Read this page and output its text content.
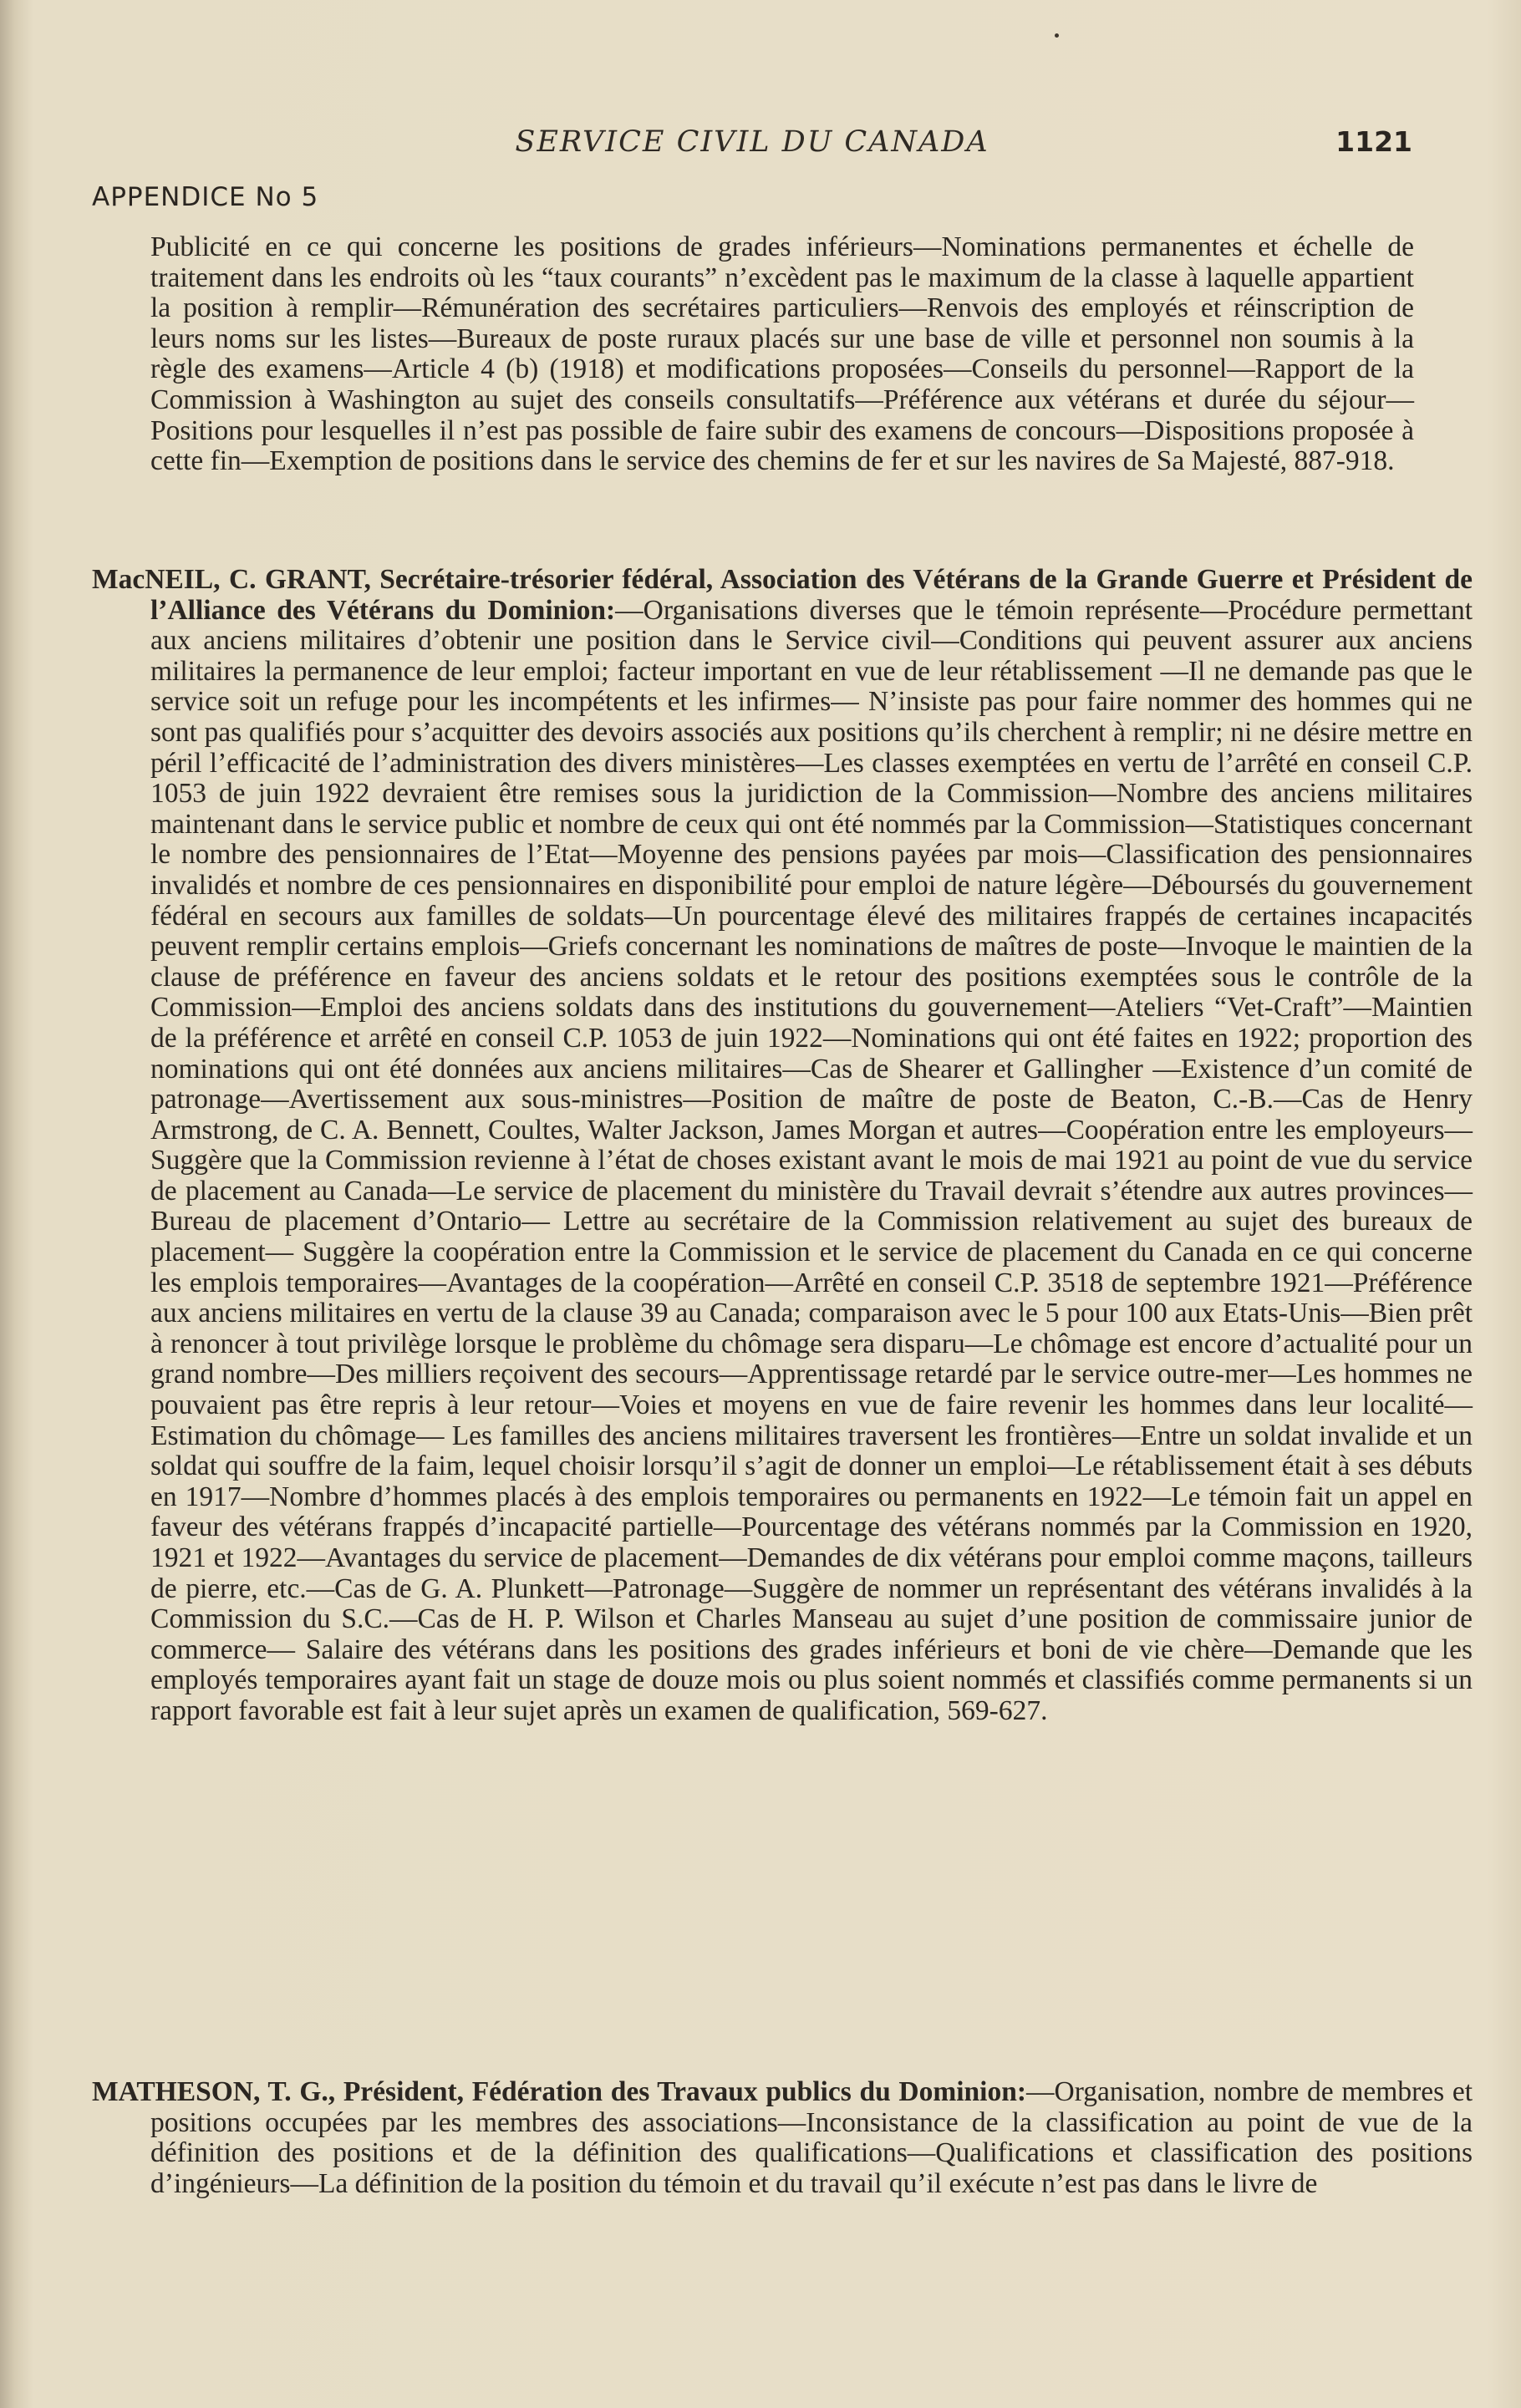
SERVICE CIVIL DU CANADA	1121
APPENDICE No 5
Publicité en ce qui concerne les positions de grades inférieurs—Nominations permanentes et échelle de traitement dans les endroits où les “taux courants” n’excèdent pas le maximum de la classe à laquelle appartient la position à remplir—Rémunération des secrétaires particuliers—Renvois des employés et réinscription de leurs noms sur les listes—Bureaux de poste ruraux placés sur une base de ville et personnel non soumis à la règle des examens—Article 4 (b) (1918) et modifications proposées—Conseils du personnel—Rapport de la Commission à Washington au sujet des conseils consultatifs—Préférence aux vétérans et durée du séjour—Positions pour lesquelles il n’est pas possible de faire subir des examens de concours—Dispositions proposée à cette fin—Exemption de positions dans le service des chemins de fer et sur les navires de Sa Majesté, 887-918.
MacNEIL, C. GRANT, Secrétaire-trésorier fédéral, Association des Vétérans de la Grande Guerre et Président de l’Alliance des Vétérans du Dominion:—Organisations diverses que le témoin représente—Procédure permettant aux anciens militaires d’obtenir une position dans le Service civil—Conditions qui peuvent assurer aux anciens militaires la permanence de leur emploi; facteur important en vue de leur rétablissement —Il ne demande pas que le service soit un refuge pour les incompétents et les infirmes— N’insiste pas pour faire nommer des hommes qui ne sont pas qualifiés pour s’acquitter des devoirs associés aux positions qu’ils cherchent à remplir; ni ne désire mettre en péril l’efficacité de l’administration des divers ministères—Les classes exemptées en vertu de l’arrêté en conseil C.P. 1053 de juin 1922 devraient être remises sous la juridiction de la Commission—Nombre des anciens militaires maintenant dans le service public et nombre de ceux qui ont été nommés par la Commission—Statistiques concernant le nombre des pensionnaires de l’Etat—Moyenne des pensions payées par mois—Classification des pensionnaires invalidés et nombre de ces pensionnaires en disponibilité pour emploi de nature légère—Déboursés du gouvernement fédéral en secours aux familles de soldats—Un pourcentage élevé des militaires frappés de certaines incapacités peuvent remplir certains emplois—Griefs concernant les nominations de maîtres de poste—Invoque le maintien de la clause de préférence en faveur des anciens soldats et le retour des positions exemptées sous le contrôle de la Commission—Emploi des anciens soldats dans des institutions du gouvernement—Ateliers “Vet-Craft”—Maintien de la préférence et arrêté en conseil C.P. 1053 de juin 1922—Nominations qui ont été faites en 1922; proportion des nominations qui ont été données aux anciens militaires—Cas de Shearer et Gallingher —Existence d’un comité de patronage—Avertissement aux sous-ministres—Position de maître de poste de Beaton, C.-B.—Cas de Henry Armstrong, de C. A. Bennett, Coultes, Walter Jackson, James Morgan et autres—Coopération entre les employeurs—Suggère que la Commission revienne à l’état de choses existant avant le mois de mai 1921 au point de vue du service de placement au Canada—Le service de placement du ministère du Travail devrait s’étendre aux autres provinces—Bureau de placement d’Ontario— Lettre au secrétaire de la Commission relativement au sujet des bureaux de placement— Suggère la coopération entre la Commission et le service de placement du Canada en ce qui concerne les emplois temporaires—Avantages de la coopération—Arrêté en conseil C.P. 3518 de septembre 1921—Préférence aux anciens militaires en vertu de la clause 39 au Canada; comparaison avec le 5 pour 100 aux Etats-Unis—Bien prêt à renoncer à tout privilège lorsque le problème du chômage sera disparu—Le chômage est encore d’actualité pour un grand nombre—Des milliers reçoivent des secours—Apprentissage retardé par le service outre-mer—Les hommes ne pouvaient pas être repris à leur retour—Voies et moyens en vue de faire revenir les hommes dans leur localité—Estimation du chômage— Les familles des anciens militaires traversent les frontières—Entre un soldat invalide et un soldat qui souffre de la faim, lequel choisir lorsqu’il s’agit de donner un emploi—Le rétablissement était à ses débuts en 1917—Nombre d’hommes placés à des emplois temporaires ou permanents en 1922—Le témoin fait un appel en faveur des vétérans frappés d’incapacité partielle—Pourcentage des vétérans nommés par la Commission en 1920, 1921 et 1922—Avantages du service de placement—Demandes de dix vétérans pour emploi comme maçons, tailleurs de pierre, etc.—Cas de G. A. Plunkett—Patronage—Suggère de nommer un représentant des vétérans invalidés à la Commission du S.C.—Cas de H. P. Wilson et Charles Manseau au sujet d’une position de commissaire junior de commerce— Salaire des vétérans dans les positions des grades inférieurs et boni de vie chère—Demande que les employés temporaires ayant fait un stage de douze mois ou plus soient nommés et classifiés comme permanents si un rapport favorable est fait à leur sujet après un examen de qualification, 569-627.
MATHESON, T. G., Président, Fédération des Travaux publics du Dominion:—Organisation, nombre de membres et positions occupées par les membres des associations—Inconsistance de la classification au point de vue de la définition des positions et de la définition des qualifications—Qualifications et classification des positions d’ingénieurs—La définition de la position du témoin et du travail qu’il exécute n’est pas dans le livre de
